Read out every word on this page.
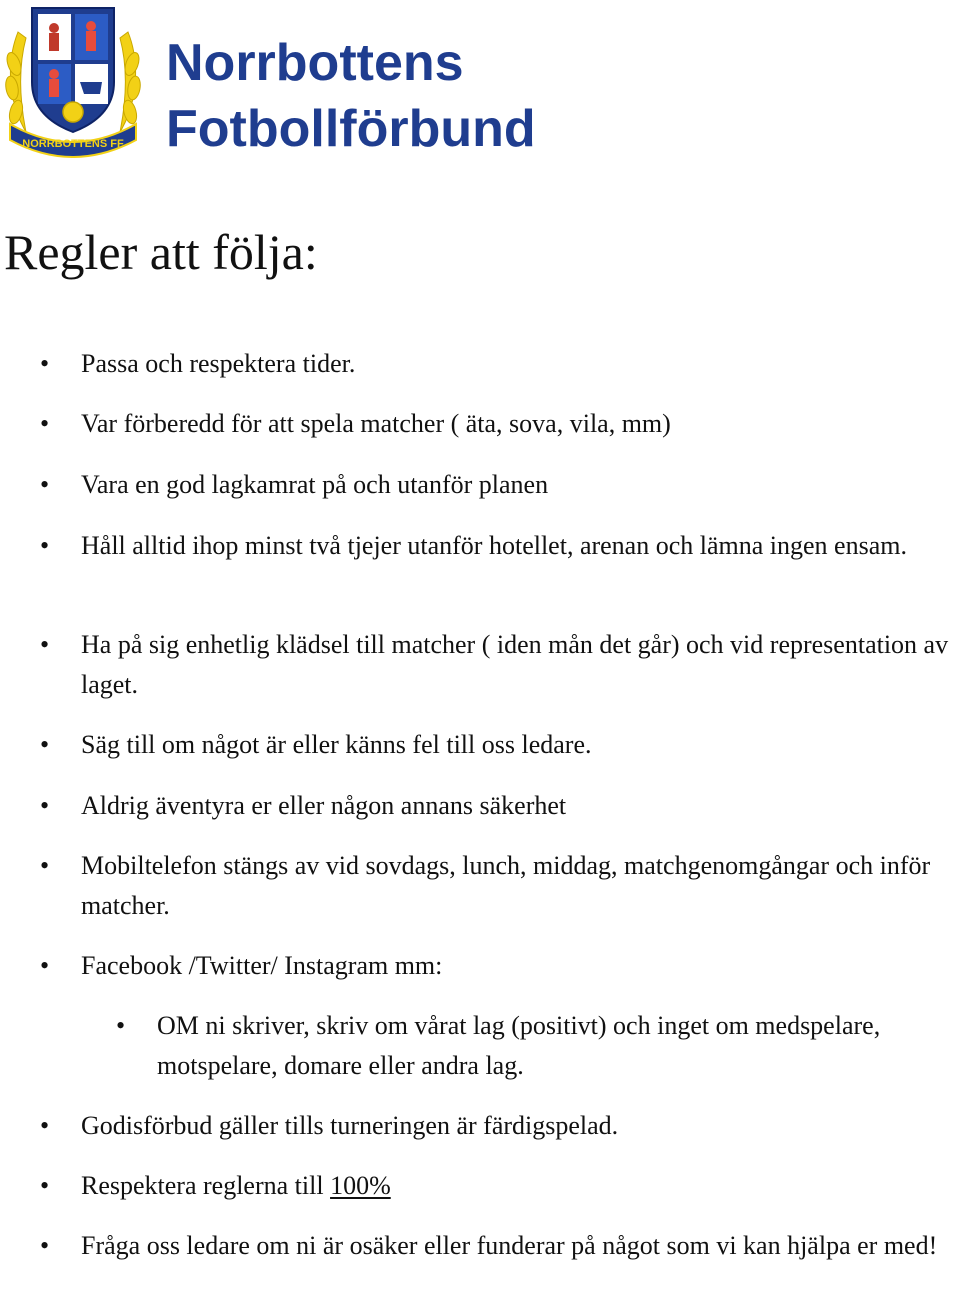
NORRBOTTENS FF
Norrbottens
Fotbollförbund
Regler att följa:
•	Passa och respektera tider.
•	Var förberedd för att spela matcher ( äta, sova, vila, mm)
•	Vara en god lagkamrat på och utanför planen
•	Håll alltid ihop minst två tjejer utanför hotellet, arenan och lämna ingen ensam.
•	Ha på sig enhetlig klädsel till matcher ( iden mån det går) och vid representation av laget.
•	Säg till om något är eller känns fel till oss ledare.
•	Aldrig äventyra er eller någon annans säkerhet
•	Mobiltelefon stängs av vid sovdags, lunch, middag, matchgenomgångar och inför matcher.
•	Facebook /Twitter/ Instagram mm:
•	OM ni skriver, skriv om vårat lag (positivt) och inget om medspelare, motspelare, domare eller andra lag.
•	Godisförbud gäller tills turneringen är färdigspelad.
•	Respektera reglerna till 100%
•	Fråga oss ledare om ni är osäker eller funderar på något som vi kan hjälpa er med!
